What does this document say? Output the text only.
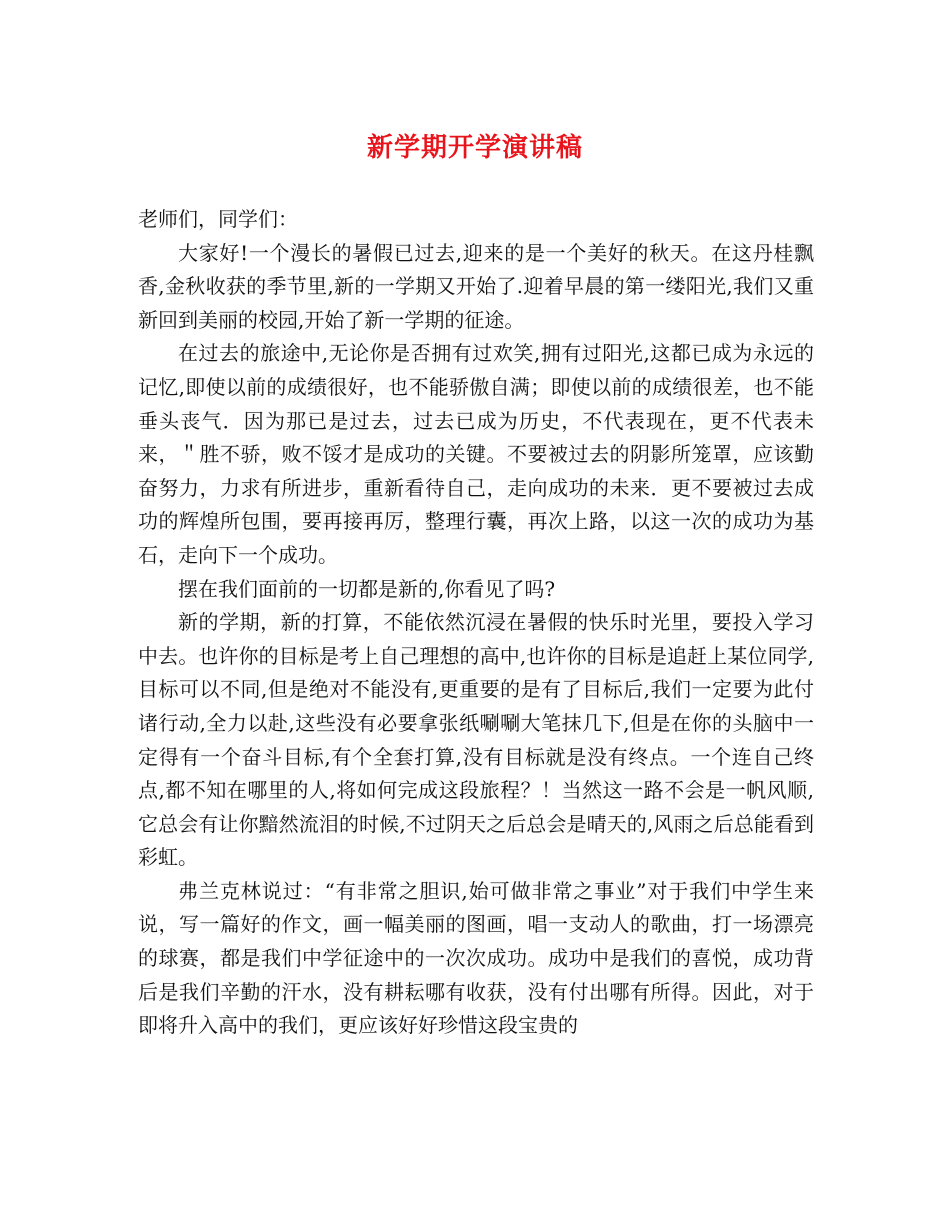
新学期开学演讲稿

老师们，同学们：

大家好!一个漫长的暑假已过去,迎来的是一个美好的秋天。在这丹桂飘香,金秋收获的季节里,新的一学期又开始了.迎着早晨的第一缕阳光,我们又重新回到美丽的校园,开始了新一学期的征途。

在过去的旅途中,无论你是否拥有过欢笑,拥有过阳光,这都已成为永远的记忆,即使以前的成绩很好，也不能骄傲自满；即使以前的成绩很差，也不能垂头丧气．因为那已是过去，过去已成为历史，不代表现在，更不代表未来，＂胜不骄，败不馁才是成功的关键。不要被过去的阴影所笼罩，应该勤奋努力，力求有所进步，重新看待自己，走向成功的未来．更不要被过去成功的辉煌所包围，要再接再厉，整理行囊，再次上路，以这一次的成功为基石，走向下一个成功。

摆在我们面前的一切都是新的,你看见了吗?

新的学期，新的打算，不能依然沉浸在暑假的快乐时光里，要投入学习中去。也许你的目标是考上自己理想的高中,也许你的目标是追赶上某位同学,目标可以不同,但是绝对不能没有,更重要的是有了目标后,我们一定要为此付诸行动,全力以赴,这些没有必要拿张纸唰唰大笔抹几下,但是在你的头脑中一定得有一个奋斗目标,有个全套打算,没有目标就是没有终点。一个连自己终点,都不知在哪里的人,将如何完成这段旅程？！当然这一路不会是一帆风顺,它总会有让你黯然流泪的时候,不过阴天之后总会是晴天的,风雨之后总能看到彩虹。

弗兰克林说过：“有非常之胆识,始可做非常之事业”对于我们中学生来说，写一篇好的作文，画一幅美丽的图画，唱一支动人的歌曲，打一场漂亮的球赛，都是我们中学征途中的一次次成功。成功中是我们的喜悦，成功背后是我们辛勤的汗水，没有耕耘哪有收获，没有付出哪有所得。因此，对于即将升入高中的我们，更应该好好珍惜这段宝贵的
